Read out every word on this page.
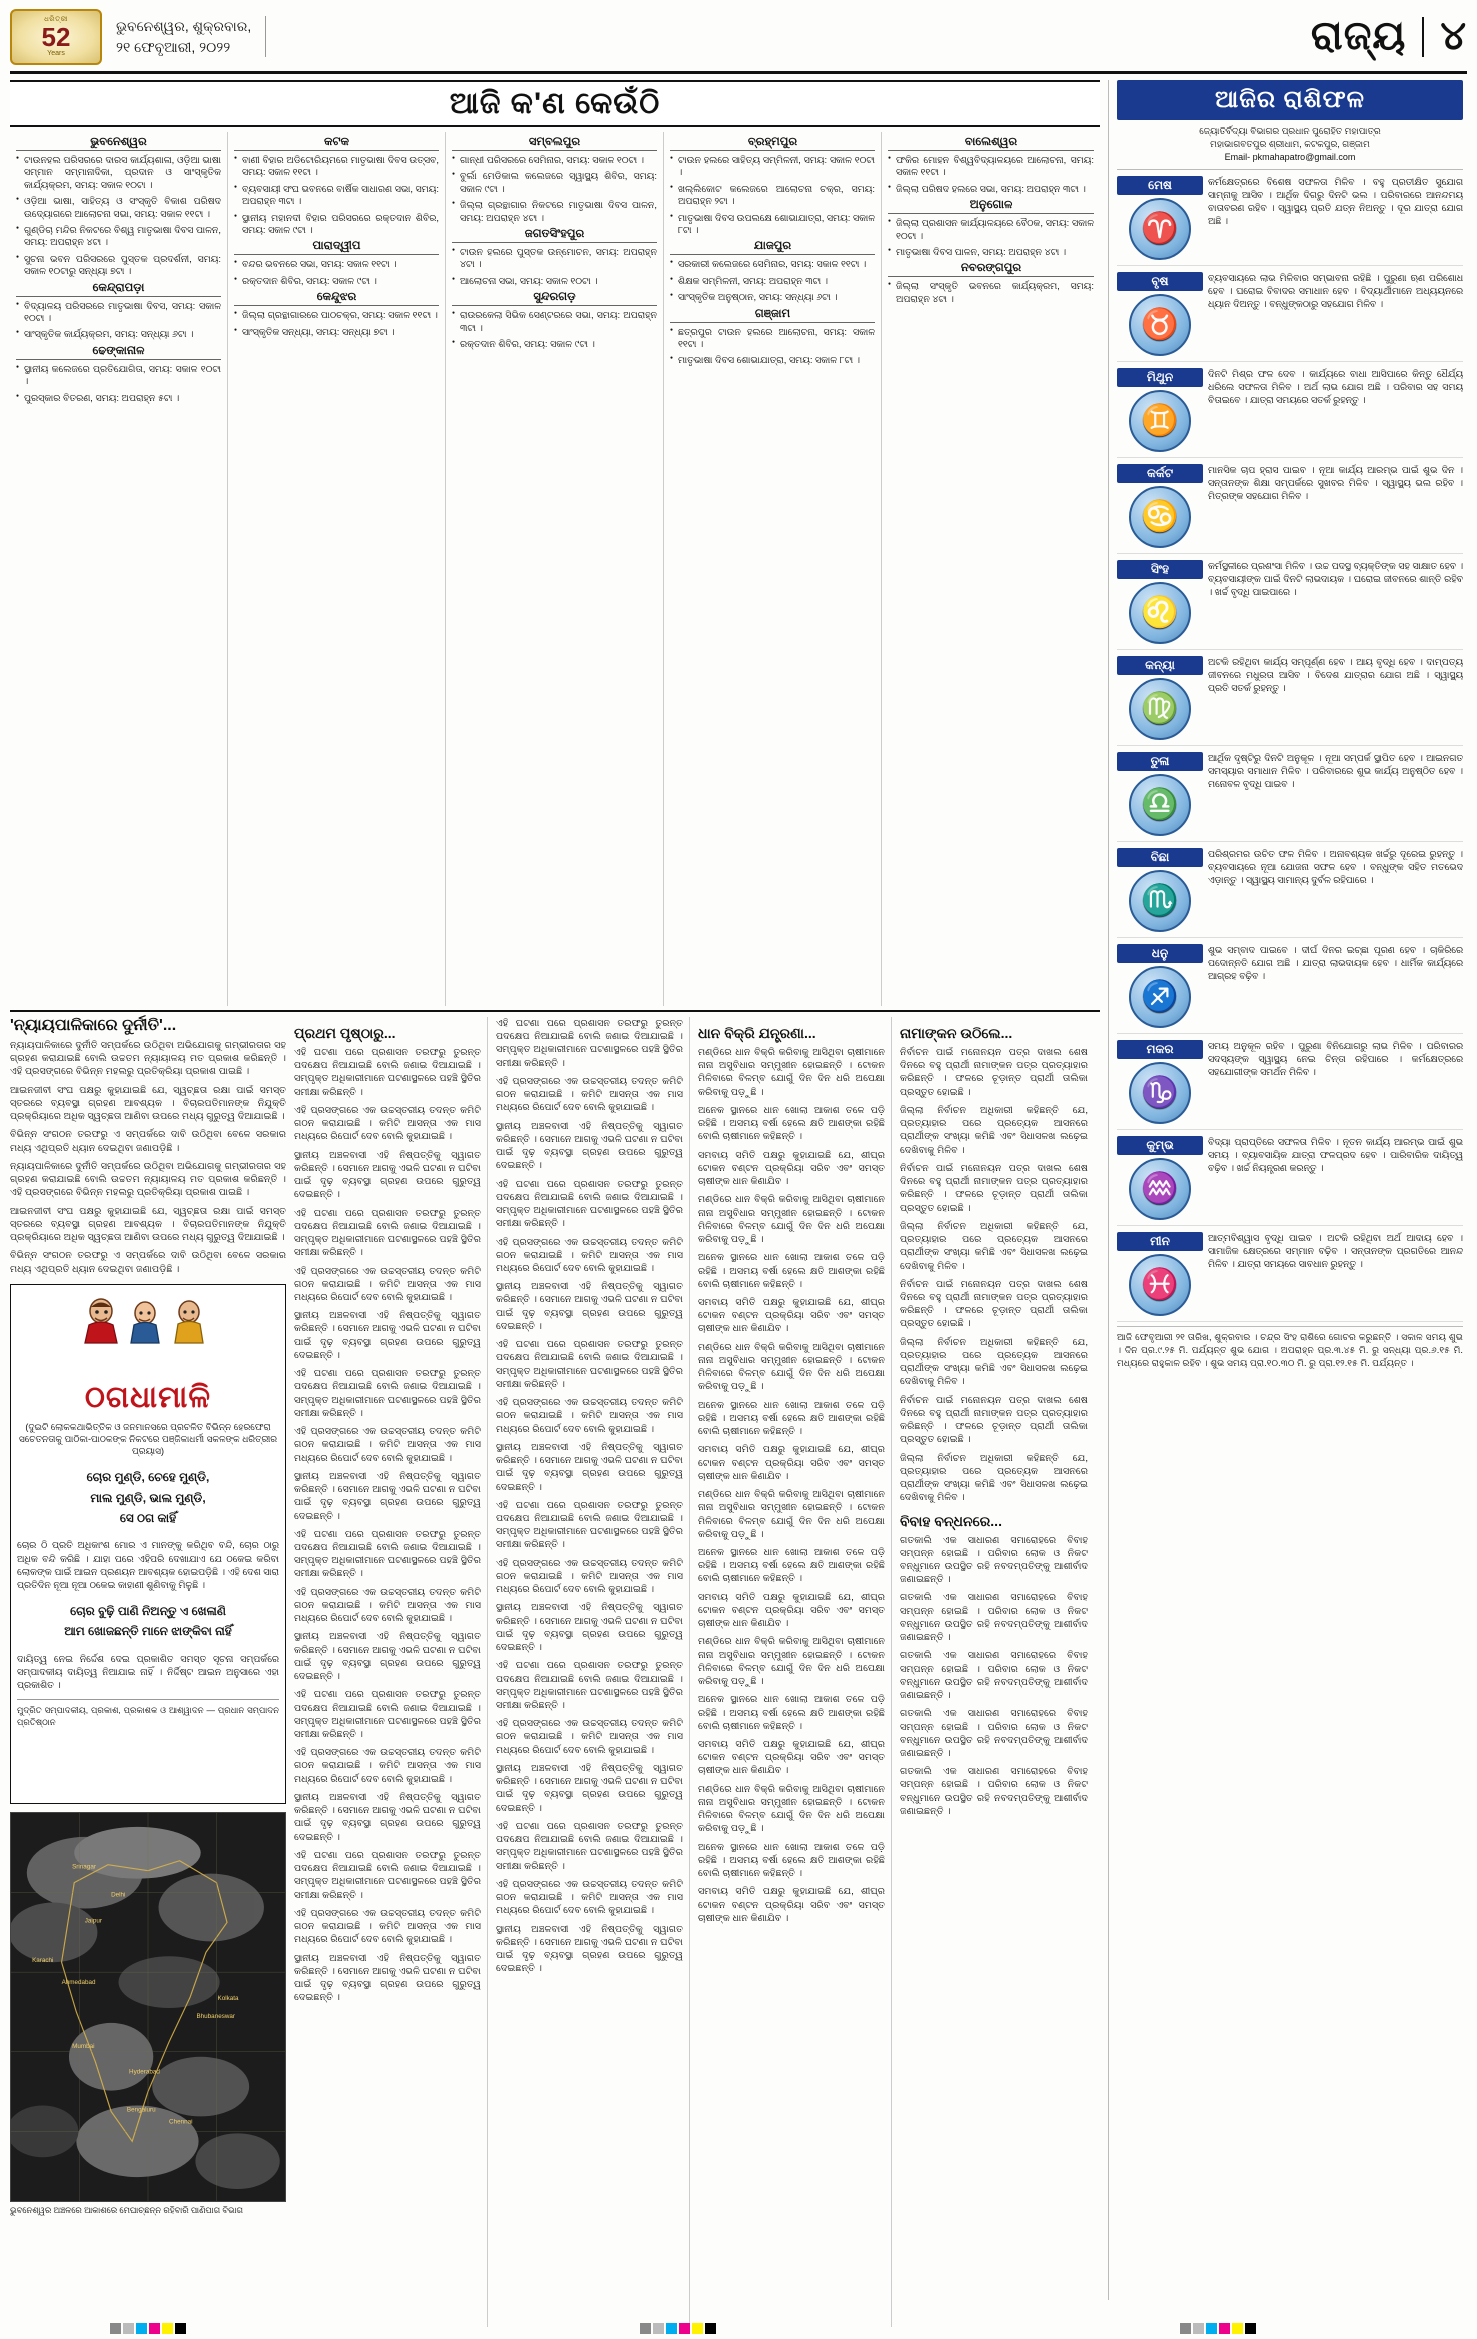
ଧରିତ୍ରୀ
52
Years
ଭୁବନେଶ୍ୱର, ଶୁକ୍ରବାର,
୨୧ ଫେବୃଆରୀ, ୨୦୨୨	ରାଜ୍ୟ ୪
ଆଜି କ'ଣ କେଉଁଠି
ଭୁବନେଶ୍ୱର
● ଟାଉନହଲ ପରିସରରେ ଦାରସ କାର୍ଯ୍ୟଶାଳା, ଓଡ଼ିଆ ଭାଷା ସମ୍ମାନ ସମ୍ମାନାଦିକା, ପ୍ରଦାନ ଓ ସାଂସ୍କୃତିକ କାର୍ଯ୍ୟକ୍ରମ, ସମୟ: ସକାଳ ୧୦ଟା ।
● ଓଡ଼ିଆ ଭାଷା, ସାହିତ୍ୟ ଓ ସଂସ୍କୃତି ବିକାଶ ପରିଷଦ ଉଦ୍ୟୋଗରେ ଆଲୋଚନା ସଭା, ସମୟ: ସକାଳ ୧୧ଟା ।
● ଗୁଣ୍ଡିଚା ମନ୍ଦିର ନିକଟରେ ବିଶ୍ୱ ମାତୃଭାଷା ଦିବସ ପାଳନ, ସମୟ: ଅପରାହ୍ନ ୪ଟା ।
● ସୁଚନା ଭବନ ପରିସରରେ ପୁସ୍ତକ ପ୍ରଦର୍ଶନୀ, ସମୟ: ସକାଳ ୧୦ଟାରୁ ସନ୍ଧ୍ୟା ୭ଟା ।
କେନ୍ଦ୍ରାପଡ଼ା
● ବିଦ୍ୟାଳୟ ପରିସରରେ ମାତୃଭାଷା ଦିବସ, ସମୟ: ସକାଳ ୧୦ଟା ।
● ସାଂସ୍କୃତିକ କାର୍ଯ୍ୟକ୍ରମ, ସମୟ: ସନ୍ଧ୍ୟା ୬ଟା ।
ଢେଙ୍କାନାଳ
● ସ୍ଥାନୀୟ କଲେଜରେ ପ୍ରତିଯୋଗିତା, ସମୟ: ସକାଳ ୧୦ଟା ।
● ପୁରସ୍କାର ବିତରଣ, ସମୟ: ଅପରାହ୍ନ ୫ଟା ।
କଟକ
● ବାଣୀ ବିହାର ଅଡିଟୋରିୟମରେ ମାତୃଭାଷା ଦିବସ ଉତ୍ସବ, ସମୟ: ସକାଳ ୧୧ଟା ।
● ବ୍ୟବସାୟୀ ସଂଘ ଭବନରେ ବାର୍ଷିକ ସାଧାରଣ ସଭା, ସମୟ: ଅପରାହ୍ନ ୩ଟା ।
● ସ୍ଥାନୀୟ ମହାନଦୀ ବିହାର ପରିସରରେ ରକ୍ତଦାନ ଶିବିର, ସମୟ: ସକାଳ ୯ଟା ।
ପାରାଦ୍ୱୀପ
● ବନ୍ଦର ଭବନରେ ସଭା, ସମୟ: ସକାଳ ୧୧ଟା ।
● ରକ୍ତଦାନ ଶିବିର, ସମୟ: ସକାଳ ୯ଟା ।
କେନ୍ଦୁଝର
● ଜିଲ୍ଲା ଗ୍ରନ୍ଥାଗାରରେ ପାଠଚକ୍ର, ସମୟ: ସକାଳ ୧୧ଟା ।
● ସାଂସ୍କୃତିକ ସନ୍ଧ୍ୟା, ସମୟ: ସନ୍ଧ୍ୟା ୭ଟା ।
ସମ୍ବଲପୁର
● ଗାନ୍ଧୀ ପରିସରରେ ସେମିନାର, ସମୟ: ସକାଳ ୧୦ଟା ।
● ବୁର୍ଲା ମେଡିକାଲ କଲେଜରେ ସ୍ୱାସ୍ଥ୍ୟ ଶିବିର, ସମୟ: ସକାଳ ୯ଟା ।
● ଜିଲ୍ଲା ଗ୍ରନ୍ଥାଗାର ନିକଟରେ ମାତୃଭାଷା ଦିବସ ପାଳନ, ସମୟ: ଅପରାହ୍ନ ୪ଟା ।
ଜଗତସିଂହପୁର
● ଟାଉନ ହଲରେ ପୁସ୍ତକ ଉନ୍ମୋଚନ, ସମୟ: ଅପରାହ୍ନ ୪ଟା ।
● ଆଲୋଚନା ସଭା, ସମୟ: ସକାଳ ୧୦ଟା ।
ସୁନ୍ଦରଗଡ଼
● ରାଉରକେଲା ସିଭିକ ସେଣ୍ଟରରେ ସଭା, ସମୟ: ଅପରାହ୍ନ ୩ଟା ।
● ରକ୍ତଦାନ ଶିବିର, ସମୟ: ସକାଳ ୯ଟା ।
ବ୍ରହ୍ମପୁର
● ଟାଉନ ହଲରେ ସାହିତ୍ୟ ସମ୍ମିଳନୀ, ସମୟ: ସକାଳ ୧୦ଟା ।
● ଖଲ୍ଲିକୋଟ କଲେଜରେ ଆଲୋଚନା ଚକ୍ର, ସମୟ: ଅପରାହ୍ନ ୨ଟା ।
● ମାତୃଭାଷା ଦିବସ ଉପଲକ୍ଷେ ଶୋଭାଯାତ୍ରା, ସମୟ: ସକାଳ ୮ଟା ।
ଯାଜପୁର
● ସରକାରୀ କଲେଜରେ ସେମିନାର, ସମୟ: ସକାଳ ୧୧ଟା ।
● ଶିକ୍ଷକ ସମ୍ମିଳନୀ, ସମୟ: ଅପରାହ୍ନ ୩ଟା ।
● ସାଂସ୍କୃତିକ ଅନୁଷ୍ଠାନ, ସମୟ: ସନ୍ଧ୍ୟା ୬ଟା ।
ଗଞ୍ଜାମ
● ଛତ୍ରପୁର ଟାଉନ ହଲରେ ଆଲୋଚନା, ସମୟ: ସକାଳ ୧୧ଟା ।
● ମାତୃଭାଷା ଦିବସ ଶୋଭାଯାତ୍ରା, ସମୟ: ସକାଳ ୮ଟା ।
ବାଲେଶ୍ୱର
● ଫକିର ମୋହନ ବିଶ୍ୱବିଦ୍ୟାଳୟରେ ଆଲୋଚନା, ସମୟ: ସକାଳ ୧୧ଟା ।
● ଜିଲ୍ଲା ପରିଷଦ ହଲରେ ସଭା, ସମୟ: ଅପରାହ୍ନ ୩ଟା ।
ଅନୁଗୋଳ
● ଜିଲ୍ଲା ପ୍ରଶାସନ କାର୍ଯ୍ୟାଳୟରେ ବୈଠକ, ସମୟ: ସକାଳ ୧୦ଟା ।
● ମାତୃଭାଷା ଦିବସ ପାଳନ, ସମୟ: ଅପରାହ୍ନ ୪ଟା ।
ନବରଙ୍ଗପୁର
● ଜିଲ୍ଲା ସଂସ୍କୃତି ଭବନରେ କାର୍ଯ୍ୟକ୍ରମ, ସମୟ: ଅପରାହ୍ନ ୪ଟା ।
'ନ୍ୟାୟପାଳିକାରେ ଦୁର୍ନୀତି'...

ନ୍ୟାୟପାଳିକାରେ ଦୁର୍ନୀତି ସମ୍ପର୍କରେ ଉଠିଥିବା ଅଭିଯୋଗକୁ ଗମ୍ଭୀରତାର ସହ ଗ୍ରହଣ କରାଯାଇଛି ବୋଲି ଉଚ୍ଚତମ ନ୍ୟାୟାଳୟ ମତ ପ୍ରକାଶ କରିଛନ୍ତି । ଏହି ପ୍ରସଙ୍ଗରେ ବିଭିନ୍ନ ମହଲରୁ ପ୍ରତିକ୍ରିୟା ପ୍ରକାଶ ପାଇଛି ।

ଆଇନଜୀବୀ ସଂଘ ପକ୍ଷରୁ କୁହାଯାଇଛି ଯେ, ସ୍ୱଚ୍ଛତା ରକ୍ଷା ପାଇଁ ସମସ୍ତ ସ୍ତରରେ ବ୍ୟବସ୍ଥା ଗ୍ରହଣ ଆବଶ୍ୟକ । ବିଚାରପତିମାନଙ୍କ ନିଯୁକ୍ତି ପ୍ରକ୍ରିୟାରେ ଅଧିକ ସ୍ୱଚ୍ଛତା ଆଣିବା ଉପରେ ମଧ୍ୟ ଗୁରୁତ୍ୱ ଦିଆଯାଇଛି ।

ବିଭିନ୍ନ ସଂଗଠନ ତରଫରୁ ଏ ସମ୍ପର୍କରେ ଦାବି ଉଠିଥିବା ବେଳେ ସରକାର ମଧ୍ୟ ଏଥିପ୍ରତି ଧ୍ୟାନ ଦେଇଥିବା ଜଣାପଡ଼ିଛି ।

ନ୍ୟାୟପାଳିକାରେ ଦୁର୍ନୀତି ସମ୍ପର୍କରେ ଉଠିଥିବା ଅଭିଯୋଗକୁ ଗମ୍ଭୀରତାର ସହ ଗ୍ରହଣ କରାଯାଇଛି ବୋଲି ଉଚ୍ଚତମ ନ୍ୟାୟାଳୟ ମତ ପ୍ରକାଶ କରିଛନ୍ତି । ଏହି ପ୍ରସଙ୍ଗରେ ବିଭିନ୍ନ ମହଲରୁ ପ୍ରତିକ୍ରିୟା ପ୍ରକାଶ ପାଇଛି ।

ଆଇନଜୀବୀ ସଂଘ ପକ୍ଷରୁ କୁହାଯାଇଛି ଯେ, ସ୍ୱଚ୍ଛତା ରକ୍ଷା ପାଇଁ ସମସ୍ତ ସ୍ତରରେ ବ୍ୟବସ୍ଥା ଗ୍ରହଣ ଆବଶ୍ୟକ । ବିଚାରପତିମାନଙ୍କ ନିଯୁକ୍ତି ପ୍ରକ୍ରିୟାରେ ଅଧିକ ସ୍ୱଚ୍ଛତା ଆଣିବା ଉପରେ ମଧ୍ୟ ଗୁରୁତ୍ୱ ଦିଆଯାଇଛି ।

ବିଭିନ୍ନ ସଂଗଠନ ତରଫରୁ ଏ ସମ୍ପର୍କରେ ଦାବି ଉଠିଥିବା ବେଳେ ସରକାର ମଧ୍ୟ ଏଥିପ୍ରତି ଧ୍ୟାନ ଦେଇଥିବା ଜଣାପଡ଼ିଛି ।

ଠଗଧାମାଳି
(ଦୁଇଟି ଲୋକକଥାଭିତ୍ତିକ ଓ ଜନମାନସରେ ପ୍ରଚଳିତ ବିଭିନ୍ନ ହେରଫେରା ସଚେତନତାକୁ ପାଠିକା-ପାଠକଙ୍କ ନିକଟରେ ପଞ୍ଜିକାଧର୍ମୀ ସକଳଙ୍କ ଧରିତ୍ରୀର ପ୍ରୟାସ)
ଚୋର ମୁଣ୍ଡି, ଚେହେ ମୁଣ୍ଡି,
ମାଲ ମୁଣ୍ଡି, ଭାଲ ମୁଣ୍ଡି,
ସେ ଠଗ କାହିଁ
ଚୋର ଠି ପ୍ରତି ଅଧିକାଂଶ ମୋର ଏ ମାନଙ୍କୁ କରିଥିବ ବନ୍ଦି, ଚୋର ଠାରୁ ଅଧିକ ବନ୍ଦି କରିଛି । ଯାହା ପରେ ଏହିପରି ଦେଖାଯାଏ ଯେ ଠକେଇ କରିବା ଲୋକଙ୍କ ପାଇଁ ଆଇନ ପ୍ରଣୟନ ଆବଶ୍ୟକ ହୋଇପଡ଼ିଛି । ଏହି ଦେଶ ସାରା ପ୍ରତିଦିନ ନୂଆ ନୂଆ ଠକେଇ କାହାଣୀ ଶୁଣିବାକୁ ମିଳୁଛି ।
ଚୋର ବୁଢ଼ି ପାଣି ନିଅନ୍ତୁ ଏ ଖେଳାଣି
ଆମ ଖୋଜଛନ୍ତି ମାନେ ଝାଙ୍କିବା ନାହିଁ
ଦାୟିତ୍ୱ ନେଇ ନିର୍ଦ୍ଦେଶ ଦେଇ ପ୍ରକାଶିତ ସମସ୍ତ ସୂଚନା ସମ୍ପର୍କରେ ସମ୍ପାଦକୀୟ ଦାୟିତ୍ୱ ନିଆଯାଇ ନାହିଁ । ନିର୍ଦ୍ଦିଷ୍ଟ ଆଇନ ଅନୁସାରେ ଏହା ପ୍ରକାଶିତ ।
ମୁଦ୍ରିତ ସମ୍ପାଦକୀୟ, ପ୍ରକାଶ, ପ୍ରକାଶକ ଓ ଆଶ୍ୱାଦନ — ପ୍ରଧାନ ସମ୍ପାଦନ ପ୍ରତିଷ୍ଠାନ
Srinagar
Delhi
Jaipur
Karachi
Ahmedabad
Mumbai
Hyderabad
Bengaluru
Chennai
Kolkata
Bhubaneswar
ଭୁବନେଶ୍ୱର ଅଞ୍ଚଳରେ ଆକାଶରେ ମେଘାଚ୍ଛନ୍ନ ରହିବାରି ପାଣିପାଗ ବିଭାଗ
ପ୍ରଥମ ପୃଷ୍ଠାରୁ...

ଏହି ଘଟଣା ପରେ ପ୍ରଶାସନ ତରଫରୁ ତୁରନ୍ତ ପଦକ୍ଷେପ ନିଆଯାଇଛି ବୋଲି ଜଣାଇ ଦିଆଯାଇଛି । ସମ୍ପୃକ୍ତ ଅଧିକାରୀମାନେ ଘଟଣାସ୍ଥଳରେ ପହଞ୍ଚି ସ୍ଥିତିର ସମୀକ୍ଷା କରିଛନ୍ତି ।

ଏହି ପ୍ରସଙ୍ଗରେ ଏକ ଉଚ୍ଚସ୍ତରୀୟ ତଦନ୍ତ କମିଟି ଗଠନ କରାଯାଇଛି । କମିଟି ଆସନ୍ତା ଏକ ମାସ ମଧ୍ୟରେ ରିପୋର୍ଟ ଦେବ ବୋଲି କୁହାଯାଇଛି ।

ସ୍ଥାନୀୟ ଅଞ୍ଚଳବାସୀ ଏହି ନିଷ୍ପତ୍ତିକୁ ସ୍ୱାଗତ କରିଛନ୍ତି । ସେମାନେ ଆଗକୁ ଏଭଳି ଘଟଣା ନ ଘଟିବା ପାଇଁ ଦୃଢ଼ ବ୍ୟବସ୍ଥା ଗ୍ରହଣ ଉପରେ ଗୁରୁତ୍ୱ ଦେଇଛନ୍ତି ।

ଏହି ଘଟଣା ପରେ ପ୍ରଶାସନ ତରଫରୁ ତୁରନ୍ତ ପଦକ୍ଷେପ ନିଆଯାଇଛି ବୋଲି ଜଣାଇ ଦିଆଯାଇଛି । ସମ୍ପୃକ୍ତ ଅଧିକାରୀମାନେ ଘଟଣାସ୍ଥଳରେ ପହଞ୍ଚି ସ୍ଥିତିର ସମୀକ୍ଷା କରିଛନ୍ତି ।

ଏହି ପ୍ରସଙ୍ଗରେ ଏକ ଉଚ୍ଚସ୍ତରୀୟ ତଦନ୍ତ କମିଟି ଗଠନ କରାଯାଇଛି । କମିଟି ଆସନ୍ତା ଏକ ମାସ ମଧ୍ୟରେ ରିପୋର୍ଟ ଦେବ ବୋଲି କୁହାଯାଇଛି ।

ସ୍ଥାନୀୟ ଅଞ୍ଚଳବାସୀ ଏହି ନିଷ୍ପତ୍ତିକୁ ସ୍ୱାଗତ କରିଛନ୍ତି । ସେମାନେ ଆଗକୁ ଏଭଳି ଘଟଣା ନ ଘଟିବା ପାଇଁ ଦୃଢ଼ ବ୍ୟବସ୍ଥା ଗ୍ରହଣ ଉପରେ ଗୁରୁତ୍ୱ ଦେଇଛନ୍ତି ।

ଏହି ଘଟଣା ପରେ ପ୍ରଶାସନ ତରଫରୁ ତୁରନ୍ତ ପଦକ୍ଷେପ ନିଆଯାଇଛି ବୋଲି ଜଣାଇ ଦିଆଯାଇଛି । ସମ୍ପୃକ୍ତ ଅଧିକାରୀମାନେ ଘଟଣାସ୍ଥଳରେ ପହଞ୍ଚି ସ୍ଥିତିର ସମୀକ୍ଷା କରିଛନ୍ତି ।

ଏହି ପ୍ରସଙ୍ଗରେ ଏକ ଉଚ୍ଚସ୍ତରୀୟ ତଦନ୍ତ କମିଟି ଗଠନ କରାଯାଇଛି । କମିଟି ଆସନ୍ତା ଏକ ମାସ ମଧ୍ୟରେ ରିପୋର୍ଟ ଦେବ ବୋଲି କୁହାଯାଇଛି ।

ସ୍ଥାନୀୟ ଅଞ୍ଚଳବାସୀ ଏହି ନିଷ୍ପତ୍ତିକୁ ସ୍ୱାଗତ କରିଛନ୍ତି । ସେମାନେ ଆଗକୁ ଏଭଳି ଘଟଣା ନ ଘଟିବା ପାଇଁ ଦୃଢ଼ ବ୍ୟବସ୍ଥା ଗ୍ରହଣ ଉପରେ ଗୁରୁତ୍ୱ ଦେଇଛନ୍ତି ।

ଏହି ଘଟଣା ପରେ ପ୍ରଶାସନ ତରଫରୁ ତୁରନ୍ତ ପଦକ୍ଷେପ ନିଆଯାଇଛି ବୋଲି ଜଣାଇ ଦିଆଯାଇଛି । ସମ୍ପୃକ୍ତ ଅଧିକାରୀମାନେ ଘଟଣାସ୍ଥଳରେ ପହଞ୍ଚି ସ୍ଥିତିର ସମୀକ୍ଷା କରିଛନ୍ତି ।

ଏହି ପ୍ରସଙ୍ଗରେ ଏକ ଉଚ୍ଚସ୍ତରୀୟ ତଦନ୍ତ କମିଟି ଗଠନ କରାଯାଇଛି । କମିଟି ଆସନ୍ତା ଏକ ମାସ ମଧ୍ୟରେ ରିପୋର୍ଟ ଦେବ ବୋଲି କୁହାଯାଇଛି ।

ସ୍ଥାନୀୟ ଅଞ୍ଚଳବାସୀ ଏହି ନିଷ୍ପତ୍ତିକୁ ସ୍ୱାଗତ କରିଛନ୍ତି । ସେମାନେ ଆଗକୁ ଏଭଳି ଘଟଣା ନ ଘଟିବା ପାଇଁ ଦୃଢ଼ ବ୍ୟବସ୍ଥା ଗ୍ରହଣ ଉପରେ ଗୁରୁତ୍ୱ ଦେଇଛନ୍ତି ।

ଏହି ଘଟଣା ପରେ ପ୍ରଶାସନ ତରଫରୁ ତୁରନ୍ତ ପଦକ୍ଷେପ ନିଆଯାଇଛି ବୋଲି ଜଣାଇ ଦିଆଯାଇଛି । ସମ୍ପୃକ୍ତ ଅଧିକାରୀମାନେ ଘଟଣାସ୍ଥଳରେ ପହଞ୍ଚି ସ୍ଥିତିର ସମୀକ୍ଷା କରିଛନ୍ତି ।

ଏହି ପ୍ରସଙ୍ଗରେ ଏକ ଉଚ୍ଚସ୍ତରୀୟ ତଦନ୍ତ କମିଟି ଗଠନ କରାଯାଇଛି । କମିଟି ଆସନ୍ତା ଏକ ମାସ ମଧ୍ୟରେ ରିପୋର୍ଟ ଦେବ ବୋଲି କୁହାଯାଇଛି ।

ସ୍ଥାନୀୟ ଅଞ୍ଚଳବାସୀ ଏହି ନିଷ୍ପତ୍ତିକୁ ସ୍ୱାଗତ କରିଛନ୍ତି । ସେମାନେ ଆଗକୁ ଏଭଳି ଘଟଣା ନ ଘଟିବା ପାଇଁ ଦୃଢ଼ ବ୍ୟବସ୍ଥା ଗ୍ରହଣ ଉପରେ ଗୁରୁତ୍ୱ ଦେଇଛନ୍ତି ।

ଏହି ଘଟଣା ପରେ ପ୍ରଶାସନ ତରଫରୁ ତୁରନ୍ତ ପଦକ୍ଷେପ ନିଆଯାଇଛି ବୋଲି ଜଣାଇ ଦିଆଯାଇଛି । ସମ୍ପୃକ୍ତ ଅଧିକାରୀମାନେ ଘଟଣାସ୍ଥଳରେ ପହଞ୍ଚି ସ୍ଥିତିର ସମୀକ୍ଷା କରିଛନ୍ତି ।

ଏହି ପ୍ରସଙ୍ଗରେ ଏକ ଉଚ୍ଚସ୍ତରୀୟ ତଦନ୍ତ କମିଟି ଗଠନ କରାଯାଇଛି । କମିଟି ଆସନ୍ତା ଏକ ମାସ ମଧ୍ୟରେ ରିପୋର୍ଟ ଦେବ ବୋଲି କୁହାଯାଇଛି ।

ସ୍ଥାନୀୟ ଅଞ୍ଚଳବାସୀ ଏହି ନିଷ୍ପତ୍ତିକୁ ସ୍ୱାଗତ କରିଛନ୍ତି । ସେମାନେ ଆଗକୁ ଏଭଳି ଘଟଣା ନ ଘଟିବା ପାଇଁ ଦୃଢ଼ ବ୍ୟବସ୍ଥା ଗ୍ରହଣ ଉପରେ ଗୁରୁତ୍ୱ ଦେଇଛନ୍ତି ।

ଏହି ଘଟଣା ପରେ ପ୍ରଶାସନ ତରଫରୁ ତୁରନ୍ତ ପଦକ୍ଷେପ ନିଆଯାଇଛି ବୋଲି ଜଣାଇ ଦିଆଯାଇଛି । ସମ୍ପୃକ୍ତ ଅଧିକାରୀମାନେ ଘଟଣାସ୍ଥଳରେ ପହଞ୍ଚି ସ୍ଥିତିର ସମୀକ୍ଷା କରିଛନ୍ତି ।

ଏହି ପ୍ରସଙ୍ଗରେ ଏକ ଉଚ୍ଚସ୍ତରୀୟ ତଦନ୍ତ କମିଟି ଗଠନ କରାଯାଇଛି । କମିଟି ଆସନ୍ତା ଏକ ମାସ ମଧ୍ୟରେ ରିପୋର୍ଟ ଦେବ ବୋଲି କୁହାଯାଇଛି ।

ସ୍ଥାନୀୟ ଅଞ୍ଚଳବାସୀ ଏହି ନିଷ୍ପତ୍ତିକୁ ସ୍ୱାଗତ କରିଛନ୍ତି । ସେମାନେ ଆଗକୁ ଏଭଳି ଘଟଣା ନ ଘଟିବା ପାଇଁ ଦୃଢ଼ ବ୍ୟବସ୍ଥା ଗ୍ରହଣ ଉପରେ ଗୁରୁତ୍ୱ ଦେଇଛନ୍ତି ।

ଏହି ଘଟଣା ପରେ ପ୍ରଶାସନ ତରଫରୁ ତୁରନ୍ତ ପଦକ୍ଷେପ ନିଆଯାଇଛି ବୋଲି ଜଣାଇ ଦିଆଯାଇଛି । ସମ୍ପୃକ୍ତ ଅଧିକାରୀମାନେ ଘଟଣାସ୍ଥଳରେ ପହଞ୍ଚି ସ୍ଥିତିର ସମୀକ୍ଷା କରିଛନ୍ତି ।

ଏହି ପ୍ରସଙ୍ଗରେ ଏକ ଉଚ୍ଚସ୍ତରୀୟ ତଦନ୍ତ କମିଟି ଗଠନ କରାଯାଇଛି । କମିଟି ଆସନ୍ତା ଏକ ମାସ ମଧ୍ୟରେ ରିପୋର୍ଟ ଦେବ ବୋଲି କୁହାଯାଇଛି ।

ସ୍ଥାନୀୟ ଅଞ୍ଚଳବାସୀ ଏହି ନିଷ୍ପତ୍ତିକୁ ସ୍ୱାଗତ କରିଛନ୍ତି । ସେମାନେ ଆଗକୁ ଏଭଳି ଘଟଣା ନ ଘଟିବା ପାଇଁ ଦୃଢ଼ ବ୍ୟବସ୍ଥା ଗ୍ରହଣ ଉପରେ ଗୁରୁତ୍ୱ ଦେଇଛନ୍ତି ।

ଏହି ଘଟଣା ପରେ ପ୍ରଶାସନ ତରଫରୁ ତୁରନ୍ତ ପଦକ୍ଷେପ ନିଆଯାଇଛି ବୋଲି ଜଣାଇ ଦିଆଯାଇଛି । ସମ୍ପୃକ୍ତ ଅଧିକାରୀମାନେ ଘଟଣାସ୍ଥଳରେ ପହଞ୍ଚି ସ୍ଥିତିର ସମୀକ୍ଷା କରିଛନ୍ତି ।

ଏହି ପ୍ରସଙ୍ଗରେ ଏକ ଉଚ୍ଚସ୍ତରୀୟ ତଦନ୍ତ କମିଟି ଗଠନ କରାଯାଇଛି । କମିଟି ଆସନ୍ତା ଏକ ମାସ ମଧ୍ୟରେ ରିପୋର୍ଟ ଦେବ ବୋଲି କୁହାଯାଇଛି ।

ସ୍ଥାନୀୟ ଅଞ୍ଚଳବାସୀ ଏହି ନିଷ୍ପତ୍ତିକୁ ସ୍ୱାଗତ କରିଛନ୍ତି । ସେମାନେ ଆଗକୁ ଏଭଳି ଘଟଣା ନ ଘଟିବା ପାଇଁ ଦୃଢ଼ ବ୍ୟବସ୍ଥା ଗ୍ରହଣ ଉପରେ ଗୁରୁତ୍ୱ ଦେଇଛନ୍ତି ।

ଏହି ଘଟଣା ପରେ ପ୍ରଶାସନ ତରଫରୁ ତୁରନ୍ତ ପଦକ୍ଷେପ ନିଆଯାଇଛି ବୋଲି ଜଣାଇ ଦିଆଯାଇଛି । ସମ୍ପୃକ୍ତ ଅଧିକାରୀମାନେ ଘଟଣାସ୍ଥଳରେ ପହଞ୍ଚି ସ୍ଥିତିର ସମୀକ୍ଷା କରିଛନ୍ତି ।

ଏହି ପ୍ରସଙ୍ଗରେ ଏକ ଉଚ୍ଚସ୍ତରୀୟ ତଦନ୍ତ କମିଟି ଗଠନ କରାଯାଇଛି । କମିଟି ଆସନ୍ତା ଏକ ମାସ ମଧ୍ୟରେ ରିପୋର୍ଟ ଦେବ ବୋଲି କୁହାଯାଇଛି ।

ସ୍ଥାନୀୟ ଅଞ୍ଚଳବାସୀ ଏହି ନିଷ୍ପତ୍ତିକୁ ସ୍ୱାଗତ କରିଛନ୍ତି । ସେମାନେ ଆଗକୁ ଏଭଳି ଘଟଣା ନ ଘଟିବା ପାଇଁ ଦୃଢ଼ ବ୍ୟବସ୍ଥା ଗ୍ରହଣ ଉପରେ ଗୁରୁତ୍ୱ ଦେଇଛନ୍ତି ।

ଏହି ଘଟଣା ପରେ ପ୍ରଶାସନ ତରଫରୁ ତୁରନ୍ତ ପଦକ୍ଷେପ ନିଆଯାଇଛି ବୋଲି ଜଣାଇ ଦିଆଯାଇଛି । ସମ୍ପୃକ୍ତ ଅଧିକାରୀମାନେ ଘଟଣାସ୍ଥଳରେ ପହଞ୍ଚି ସ୍ଥିତିର ସମୀକ୍ଷା କରିଛନ୍ତି ।

ଏହି ପ୍ରସଙ୍ଗରେ ଏକ ଉଚ୍ଚସ୍ତରୀୟ ତଦନ୍ତ କମିଟି ଗଠନ କରାଯାଇଛି । କମିଟି ଆସନ୍ତା ଏକ ମାସ ମଧ୍ୟରେ ରିପୋର୍ଟ ଦେବ ବୋଲି କୁହାଯାଇଛି ।

ସ୍ଥାନୀୟ ଅଞ୍ଚଳବାସୀ ଏହି ନିଷ୍ପତ୍ତିକୁ ସ୍ୱାଗତ କରିଛନ୍ତି । ସେମାନେ ଆଗକୁ ଏଭଳି ଘଟଣା ନ ଘଟିବା ପାଇଁ ଦୃଢ଼ ବ୍ୟବସ୍ଥା ଗ୍ରହଣ ଉପରେ ଗୁରୁତ୍ୱ ଦେଇଛନ୍ତି ।

ଏହି ଘଟଣା ପରେ ପ୍ରଶାସନ ତରଫରୁ ତୁରନ୍ତ ପଦକ୍ଷେପ ନିଆଯାଇଛି ବୋଲି ଜଣାଇ ଦିଆଯାଇଛି । ସମ୍ପୃକ୍ତ ଅଧିକାରୀମାନେ ଘଟଣାସ୍ଥଳରେ ପହଞ୍ଚି ସ୍ଥିତିର ସମୀକ୍ଷା କରିଛନ୍ତି ।

ଏହି ପ୍ରସଙ୍ଗରେ ଏକ ଉଚ୍ଚସ୍ତରୀୟ ତଦନ୍ତ କମିଟି ଗଠନ କରାଯାଇଛି । କମିଟି ଆସନ୍ତା ଏକ ମାସ ମଧ୍ୟରେ ରିପୋର୍ଟ ଦେବ ବୋଲି କୁହାଯାଇଛି ।

ସ୍ଥାନୀୟ ଅଞ୍ଚଳବାସୀ ଏହି ନିଷ୍ପତ୍ତିକୁ ସ୍ୱାଗତ କରିଛନ୍ତି । ସେମାନେ ଆଗକୁ ଏଭଳି ଘଟଣା ନ ଘଟିବା ପାଇଁ ଦୃଢ଼ ବ୍ୟବସ୍ଥା ଗ୍ରହଣ ଉପରେ ଗୁରୁତ୍ୱ ଦେଇଛନ୍ତି ।

ଧାନ ବିକ୍ରି ଯନ୍ତ୍ରଣା...

ମଣ୍ଡିରେ ଧାନ ବିକ୍ରି କରିବାକୁ ଆସିଥିବା ଚାଷୀମାନେ ନାନା ଅସୁବିଧାର ସମ୍ମୁଖୀନ ହୋଇଛନ୍ତି । ଟୋକନ ମିଳିବାରେ ବିଳମ୍ବ ଯୋଗୁଁ ଦିନ ଦିନ ଧରି ଅପେକ୍ଷା କରିବାକୁ ପଡ଼ୁଛି ।

ଅନେକ ସ୍ଥାନରେ ଧାନ ଖୋଲା ଆକାଶ ତଳେ ପଡ଼ି ରହିଛି । ଅସମୟ ବର୍ଷା ହେଲେ କ୍ଷତି ଆଶଙ୍କା ରହିଛି ବୋଲି ଚାଷୀମାନେ କହିଛନ୍ତି ।

ସମବାୟ ସମିତି ପକ୍ଷରୁ କୁହାଯାଇଛି ଯେ, ଶୀଘ୍ର ଟୋକନ ବଣ୍ଟନ ପ୍ରକ୍ରିୟା ସରିବ ଏବଂ ସମସ୍ତ ଚାଷୀଙ୍କ ଧାନ କିଣାଯିବ ।

ମଣ୍ଡିରେ ଧାନ ବିକ୍ରି କରିବାକୁ ଆସିଥିବା ଚାଷୀମାନେ ନାନା ଅସୁବିଧାର ସମ୍ମୁଖୀନ ହୋଇଛନ୍ତି । ଟୋକନ ମିଳିବାରେ ବିଳମ୍ବ ଯୋଗୁଁ ଦିନ ଦିନ ଧରି ଅପେକ୍ଷା କରିବାକୁ ପଡ଼ୁଛି ।

ଅନେକ ସ୍ଥାନରେ ଧାନ ଖୋଲା ଆକାଶ ତଳେ ପଡ଼ି ରହିଛି । ଅସମୟ ବର୍ଷା ହେଲେ କ୍ଷତି ଆଶଙ୍କା ରହିଛି ବୋଲି ଚାଷୀମାନେ କହିଛନ୍ତି ।

ସମବାୟ ସମିତି ପକ୍ଷରୁ କୁହାଯାଇଛି ଯେ, ଶୀଘ୍ର ଟୋକନ ବଣ୍ଟନ ପ୍ରକ୍ରିୟା ସରିବ ଏବଂ ସମସ୍ତ ଚାଷୀଙ୍କ ଧାନ କିଣାଯିବ ।

ମଣ୍ଡିରେ ଧାନ ବିକ୍ରି କରିବାକୁ ଆସିଥିବା ଚାଷୀମାନେ ନାନା ଅସୁବିଧାର ସମ୍ମୁଖୀନ ହୋଇଛନ୍ତି । ଟୋକନ ମିଳିବାରେ ବିଳମ୍ବ ଯୋଗୁଁ ଦିନ ଦିନ ଧରି ଅପେକ୍ଷା କରିବାକୁ ପଡ଼ୁଛି ।

ଅନେକ ସ୍ଥାନରେ ଧାନ ଖୋଲା ଆକାଶ ତଳେ ପଡ଼ି ରହିଛି । ଅସମୟ ବର୍ଷା ହେଲେ କ୍ଷତି ଆଶଙ୍କା ରହିଛି ବୋଲି ଚାଷୀମାନେ କହିଛନ୍ତି ।

ସମବାୟ ସମିତି ପକ୍ଷରୁ କୁହାଯାଇଛି ଯେ, ଶୀଘ୍ର ଟୋକନ ବଣ୍ଟନ ପ୍ରକ୍ରିୟା ସରିବ ଏବଂ ସମସ୍ତ ଚାଷୀଙ୍କ ଧାନ କିଣାଯିବ ।

ମଣ୍ଡିରେ ଧାନ ବିକ୍ରି କରିବାକୁ ଆସିଥିବା ଚାଷୀମାନେ ନାନା ଅସୁବିଧାର ସମ୍ମୁଖୀନ ହୋଇଛନ୍ତି । ଟୋକନ ମିଳିବାରେ ବିଳମ୍ବ ଯୋଗୁଁ ଦିନ ଦିନ ଧରି ଅପେକ୍ଷା କରିବାକୁ ପଡ଼ୁଛି ।

ଅନେକ ସ୍ଥାନରେ ଧାନ ଖୋଲା ଆକାଶ ତଳେ ପଡ଼ି ରହିଛି । ଅସମୟ ବର୍ଷା ହେଲେ କ୍ଷତି ଆଶଙ୍କା ରହିଛି ବୋଲି ଚାଷୀମାନେ କହିଛନ୍ତି ।

ସମବାୟ ସମିତି ପକ୍ଷରୁ କୁହାଯାଇଛି ଯେ, ଶୀଘ୍ର ଟୋକନ ବଣ୍ଟନ ପ୍ରକ୍ରିୟା ସରିବ ଏବଂ ସମସ୍ତ ଚାଷୀଙ୍କ ଧାନ କିଣାଯିବ ।

ମଣ୍ଡିରେ ଧାନ ବିକ୍ରି କରିବାକୁ ଆସିଥିବା ଚାଷୀମାନେ ନାନା ଅସୁବିଧାର ସମ୍ମୁଖୀନ ହୋଇଛନ୍ତି । ଟୋକନ ମିଳିବାରେ ବିଳମ୍ବ ଯୋଗୁଁ ଦିନ ଦିନ ଧରି ଅପେକ୍ଷା କରିବାକୁ ପଡ଼ୁଛି ।

ଅନେକ ସ୍ଥାନରେ ଧାନ ଖୋଲା ଆକାଶ ତଳେ ପଡ଼ି ରହିଛି । ଅସମୟ ବର୍ଷା ହେଲେ କ୍ଷତି ଆଶଙ୍କା ରହିଛି ବୋଲି ଚାଷୀମାନେ କହିଛନ୍ତି ।

ସମବାୟ ସମିତି ପକ୍ଷରୁ କୁହାଯାଇଛି ଯେ, ଶୀଘ୍ର ଟୋକନ ବଣ୍ଟନ ପ୍ରକ୍ରିୟା ସରିବ ଏବଂ ସମସ୍ତ ଚାଷୀଙ୍କ ଧାନ କିଣାଯିବ ।

ମଣ୍ଡିରେ ଧାନ ବିକ୍ରି କରିବାକୁ ଆସିଥିବା ଚାଷୀମାନେ ନାନା ଅସୁବିଧାର ସମ୍ମୁଖୀନ ହୋଇଛନ୍ତି । ଟୋକନ ମିଳିବାରେ ବିଳମ୍ବ ଯୋଗୁଁ ଦିନ ଦିନ ଧରି ଅପେକ୍ଷା କରିବାକୁ ପଡ଼ୁଛି ।

ଅନେକ ସ୍ଥାନରେ ଧାନ ଖୋଲା ଆକାଶ ତଳେ ପଡ଼ି ରହିଛି । ଅସମୟ ବର୍ଷା ହେଲେ କ୍ଷତି ଆଶଙ୍କା ରହିଛି ବୋଲି ଚାଷୀମାନେ କହିଛନ୍ତି ।

ସମବାୟ ସମିତି ପକ୍ଷରୁ କୁହାଯାଇଛି ଯେ, ଶୀଘ୍ର ଟୋକନ ବଣ୍ଟନ ପ୍ରକ୍ରିୟା ସରିବ ଏବଂ ସମସ୍ତ ଚାଷୀଙ୍କ ଧାନ କିଣାଯିବ ।

ନାମାଙ୍କନ ଉଠିଲେ...

ନିର୍ବାଚନ ପାଇଁ ମନୋନୟନ ପତ୍ର ଦାଖଲ ଶେଷ ଦିନରେ ବହୁ ପ୍ରାର୍ଥୀ ନାମାଙ୍କନ ପତ୍ର ପ୍ରତ୍ୟାହାର କରିଛନ୍ତି । ଫଳରେ ଚୂଡ଼ାନ୍ତ ପ୍ରାର୍ଥୀ ତାଲିକା ପ୍ରସ୍ତୁତ ହୋଇଛି ।

ଜିଲ୍ଲା ନିର୍ବାଚନ ଅଧିକାରୀ କହିଛନ୍ତି ଯେ, ପ୍ରତ୍ୟାହାର ପରେ ପ୍ରତ୍ୟେକ ଆସନରେ ପ୍ରାର୍ଥୀଙ୍କ ସଂଖ୍ୟା କମିଛି ଏବଂ ସିଧାସଳଖ ଲଢ଼େଇ ଦେଖିବାକୁ ମିଳିବ ।

ନିର୍ବାଚନ ପାଇଁ ମନୋନୟନ ପତ୍ର ଦାଖଲ ଶେଷ ଦିନରେ ବହୁ ପ୍ରାର୍ଥୀ ନାମାଙ୍କନ ପତ୍ର ପ୍ରତ୍ୟାହାର କରିଛନ୍ତି । ଫଳରେ ଚୂଡ଼ାନ୍ତ ପ୍ରାର୍ଥୀ ତାଲିକା ପ୍ରସ୍ତୁତ ହୋଇଛି ।

ଜିଲ୍ଲା ନିର୍ବାଚନ ଅଧିକାରୀ କହିଛନ୍ତି ଯେ, ପ୍ରତ୍ୟାହାର ପରେ ପ୍ରତ୍ୟେକ ଆସନରେ ପ୍ରାର୍ଥୀଙ୍କ ସଂଖ୍ୟା କମିଛି ଏବଂ ସିଧାସଳଖ ଲଢ଼େଇ ଦେଖିବାକୁ ମିଳିବ ।

ନିର୍ବାଚନ ପାଇଁ ମନୋନୟନ ପତ୍ର ଦାଖଲ ଶେଷ ଦିନରେ ବହୁ ପ୍ରାର୍ଥୀ ନାମାଙ୍କନ ପତ୍ର ପ୍ରତ୍ୟାହାର କରିଛନ୍ତି । ଫଳରେ ଚୂଡ଼ାନ୍ତ ପ୍ରାର୍ଥୀ ତାଲିକା ପ୍ରସ୍ତୁତ ହୋଇଛି ।

ଜିଲ୍ଲା ନିର୍ବାଚନ ଅଧିକାରୀ କହିଛନ୍ତି ଯେ, ପ୍ରତ୍ୟାହାର ପରେ ପ୍ରତ୍ୟେକ ଆସନରେ ପ୍ରାର୍ଥୀଙ୍କ ସଂଖ୍ୟା କମିଛି ଏବଂ ସିଧାସଳଖ ଲଢ଼େଇ ଦେଖିବାକୁ ମିଳିବ ।

ନିର୍ବାଚନ ପାଇଁ ମନୋନୟନ ପତ୍ର ଦାଖଲ ଶେଷ ଦିନରେ ବହୁ ପ୍ରାର୍ଥୀ ନାମାଙ୍କନ ପତ୍ର ପ୍ରତ୍ୟାହାର କରିଛନ୍ତି । ଫଳରେ ଚୂଡ଼ାନ୍ତ ପ୍ରାର୍ଥୀ ତାଲିକା ପ୍ରସ୍ତୁତ ହୋଇଛି ।

ଜିଲ୍ଲା ନିର୍ବାଚନ ଅଧିକାରୀ କହିଛନ୍ତି ଯେ, ପ୍ରତ୍ୟାହାର ପରେ ପ୍ରତ୍ୟେକ ଆସନରେ ପ୍ରାର୍ଥୀଙ୍କ ସଂଖ୍ୟା କମିଛି ଏବଂ ସିଧାସଳଖ ଲଢ଼େଇ ଦେଖିବାକୁ ମିଳିବ ।

ବିବାହ ବନ୍ଧନରେ...

ଗତକାଲି ଏକ ସାଧାରଣ ସମାରୋହରେ ବିବାହ ସମ୍ପନ୍ନ ହୋଇଛି । ପରିବାର ଲୋକ ଓ ନିକଟ ବନ୍ଧୁମାନେ ଉପସ୍ଥିତ ରହି ନବଦମ୍ପତିଙ୍କୁ ଆଶୀର୍ବାଦ ଜଣାଇଛନ୍ତି ।

ଗତକାଲି ଏକ ସାଧାରଣ ସମାରୋହରେ ବିବାହ ସମ୍ପନ୍ନ ହୋଇଛି । ପରିବାର ଲୋକ ଓ ନିକଟ ବନ୍ଧୁମାନେ ଉପସ୍ଥିତ ରହି ନବଦମ୍ପତିଙ୍କୁ ଆଶୀର୍ବାଦ ଜଣାଇଛନ୍ତି ।

ଗତକାଲି ଏକ ସାଧାରଣ ସମାରୋହରେ ବିବାହ ସମ୍ପନ୍ନ ହୋଇଛି । ପରିବାର ଲୋକ ଓ ନିକଟ ବନ୍ଧୁମାନେ ଉପସ୍ଥିତ ରହି ନବଦମ୍ପତିଙ୍କୁ ଆଶୀର୍ବାଦ ଜଣାଇଛନ୍ତି ।

ଗତକାଲି ଏକ ସାଧାରଣ ସମାରୋହରେ ବିବାହ ସମ୍ପନ୍ନ ହୋଇଛି । ପରିବାର ଲୋକ ଓ ନିକଟ ବନ୍ଧୁମାନେ ଉପସ୍ଥିତ ରହି ନବଦମ୍ପତିଙ୍କୁ ଆଶୀର୍ବାଦ ଜଣାଇଛନ୍ତି ।

ଗତକାଲି ଏକ ସାଧାରଣ ସମାରୋହରେ ବିବାହ ସମ୍ପନ୍ନ ହୋଇଛି । ପରିବାର ଲୋକ ଓ ନିକଟ ବନ୍ଧୁମାନେ ଉପସ୍ଥିତ ରହି ନବଦମ୍ପତିଙ୍କୁ ଆଶୀର୍ବାଦ ଜଣାଇଛନ୍ତି ।

ଆଜିର ରାଶିଫଳ
ଜ୍ୟୋତିର୍ବିଦ୍ୟା ବିଭାଗର ପ୍ରଧାନ ପୁରୋହିତ ମହାପାତ୍ର
ମହାଭାଗବତପୁର ଶ୍ରୀଧାମ, କଟକପୁର, ଗଞ୍ଜାମ
Email- pkmahapatro@gmail.com
ମେଷ
♈
କର୍ମକ୍ଷେତ୍ରରେ ବିଶେଷ ସଫଳତା ମିଳିବ । ବହୁ ପ୍ରତୀକ୍ଷିତ ସୁଯୋଗ ସାମ୍ନାକୁ ଆସିବ । ଆର୍ଥିକ ଦିଗରୁ ଦିନଟି ଭଲ । ପରିବାରରେ ଆନନ୍ଦମୟ ବାତାବରଣ ରହିବ । ସ୍ୱାସ୍ଥ୍ୟ ପ୍ରତି ଯତ୍ନ ନିଅନ୍ତୁ । ଦୂର ଯାତ୍ରା ଯୋଗ ଅଛି ।
ବୃଷ
♉
ବ୍ୟବସାୟରେ ଲାଭ ମିଳିବାର ସମ୍ଭାବନା ରହିଛି । ପୁରୁଣା ଋଣ ପରିଶୋଧ ହେବ । ଘରୋଇ ବିବାଦର ସମାଧାନ ହେବ । ବିଦ୍ୟାର୍ଥୀମାନେ ଅଧ୍ୟୟନରେ ଧ୍ୟାନ ଦିଅନ୍ତୁ । ବନ୍ଧୁଙ୍କଠାରୁ ସହଯୋଗ ମିଳିବ ।
ମିଥୁନ
♊
ଦିନଟି ମିଶ୍ର ଫଳ ଦେବ । କାର୍ଯ୍ୟରେ ବାଧା ଆସିପାରେ କିନ୍ତୁ ଧୈର୍ଯ୍ୟ ଧରିଲେ ସଫଳତା ମିଳିବ । ଅର୍ଥ ଲାଭ ଯୋଗ ଅଛି । ପରିବାର ସହ ସମୟ ବିତାଇବେ । ଯାତ୍ରା ସମୟରେ ସତର୍କ ରୁହନ୍ତୁ ।
କର୍କଟ
♋
ମାନସିକ ଚାପ ହ୍ରାସ ପାଇବ । ନୂଆ କାର୍ଯ୍ୟ ଆରମ୍ଭ ପାଇଁ ଶୁଭ ଦିନ । ସନ୍ତାନଙ୍କ ଶିକ୍ଷା ସମ୍ପର୍କରେ ସୁଖବର ମିଳିବ । ସ୍ୱାସ୍ଥ୍ୟ ଭଲ ରହିବ । ମିତ୍ରଙ୍କ ସହଯୋଗ ମିଳିବ ।
ସିଂହ
♌
କର୍ମସ୍ଥଳୀରେ ପ୍ରଶଂସା ମିଳିବ । ଉଚ୍ଚ ପଦସ୍ଥ ବ୍ୟକ୍ତିଙ୍କ ସହ ସାକ୍ଷାତ ହେବ । ବ୍ୟବସାୟୀଙ୍କ ପାଇଁ ଦିନଟି ଲାଭଦାୟକ । ଘରୋଇ ଜୀବନରେ ଶାନ୍ତି ରହିବ । ଖର୍ଚ୍ଚ ବୃଦ୍ଧି ପାଇପାରେ ।
କନ୍ୟା
♍
ଅଟକି ରହିଥିବା କାର୍ଯ୍ୟ ସମ୍ପୂର୍ଣ୍ଣ ହେବ । ଆୟ ବୃଦ୍ଧି ହେବ । ଦାମ୍ପତ୍ୟ ଜୀବନରେ ମଧୁରତା ଆସିବ । ବିଦେଶ ଯାତ୍ରାର ଯୋଗ ଅଛି । ସ୍ୱାସ୍ଥ୍ୟ ପ୍ରତି ସତର୍କ ରୁହନ୍ତୁ ।
ତୁଳା
♎
ଆର୍ଥିକ ଦୃଷ୍ଟିରୁ ଦିନଟି ଅନୁକୂଳ । ନୂଆ ସମ୍ପର୍କ ସ୍ଥାପିତ ହେବ । ଆଇନଗତ ସମସ୍ୟାର ସମାଧାନ ମିଳିବ । ପରିବାରରେ ଶୁଭ କାର୍ଯ୍ୟ ଅନୁଷ୍ଠିତ ହେବ । ମନୋବଳ ବୃଦ୍ଧି ପାଇବ ।
ବିଛା
♏
ପରିଶ୍ରମର ଉଚିତ ଫଳ ମିଳିବ । ଅନାବଶ୍ୟକ ଖର୍ଚ୍ଚରୁ ଦୂରେଇ ରୁହନ୍ତୁ । ବ୍ୟବସାୟରେ ନୂଆ ଯୋଜନା ସଫଳ ହେବ । ବନ୍ଧୁଙ୍କ ସହିତ ମତଭେଦ ଏଡ଼ାନ୍ତୁ । ସ୍ୱାସ୍ଥ୍ୟ ସାମାନ୍ୟ ଦୁର୍ବଳ ରହିପାରେ ।
ଧନୁ
♐
ଶୁଭ ସମ୍ବାଦ ପାଇବେ । ଦୀର୍ଘ ଦିନର ଇଚ୍ଛା ପୂରଣ ହେବ । ଚାକିରିରେ ପଦୋନ୍ନତି ଯୋଗ ଅଛି । ଯାତ୍ରା ଲାଭଦାୟକ ହେବ । ଧାର୍ମିକ କାର୍ଯ୍ୟରେ ଆଗ୍ରହ ବଢ଼ିବ ।
ମକର
♑
ସମୟ ଅନୁକୂଳ ରହିବ । ପୁରୁଣା ବିନିଯୋଗରୁ ଲାଭ ମିଳିବ । ପରିବାରର ସଦସ୍ୟଙ୍କ ସ୍ୱାସ୍ଥ୍ୟ ନେଇ ଚିନ୍ତା ରହିପାରେ । କର୍ମକ୍ଷେତ୍ରରେ ସହଯୋଗୀଙ୍କ ସମର୍ଥନ ମିଳିବ ।
କୁମ୍ଭ
♒
ବିଦ୍ୟା ପ୍ରାପ୍ତିରେ ସଫଳତା ମିଳିବ । ନୂତନ କାର୍ଯ୍ୟ ଆରମ୍ଭ ପାଇଁ ଶୁଭ ସମୟ । ବ୍ୟାବସାୟିକ ଯାତ୍ରା ଫଳପ୍ରଦ ହେବ । ପାରିବାରିକ ଦାୟିତ୍ୱ ବଢ଼ିବ । ଖର୍ଚ୍ଚ ନିୟନ୍ତ୍ରଣ କରନ୍ତୁ ।
ମୀନ
♓
ଆତ୍ମବିଶ୍ୱାସ ବୃଦ୍ଧି ପାଇବ । ଅଟକି ରହିଥିବା ଅର୍ଥ ଆଦାୟ ହେବ । ସାମାଜିକ କ୍ଷେତ୍ରରେ ସମ୍ମାନ ବଢ଼ିବ । ସନ୍ତାନଙ୍କ ପ୍ରଗତିରେ ଆନନ୍ଦ ମିଳିବ । ଯାତ୍ରା ସମୟରେ ସାବଧାନ ରୁହନ୍ତୁ ।
ଆଜି ଫେବୃଆରୀ ୨୧ ତାରିଖ, ଶୁକ୍ରବାର । ଚନ୍ଦ୍ର ସିଂହ ରାଶିରେ ଗୋଚର କରୁଛନ୍ତି । ସକାଳ ସମୟ ଶୁଭ । ଦିନ ପ୍ର.୯.୨୫ ମି. ପର୍ଯ୍ୟନ୍ତ ଶୁଭ ଯୋଗ । ଅପରାହ୍ନ ପ୍ର.୩.୪୫ ମି. ରୁ ସନ୍ଧ୍ୟା ପ୍ର.୬.୧୫ ମି. ମଧ୍ୟରେ ରାହୁକାଳ ରହିବ । ଶୁଭ ସମୟ ପ୍ରା.୧୦.୩୦ ମି. ରୁ ପ୍ରା.୧୨.୧୫ ମି. ପର୍ଯ୍ୟନ୍ତ ।
